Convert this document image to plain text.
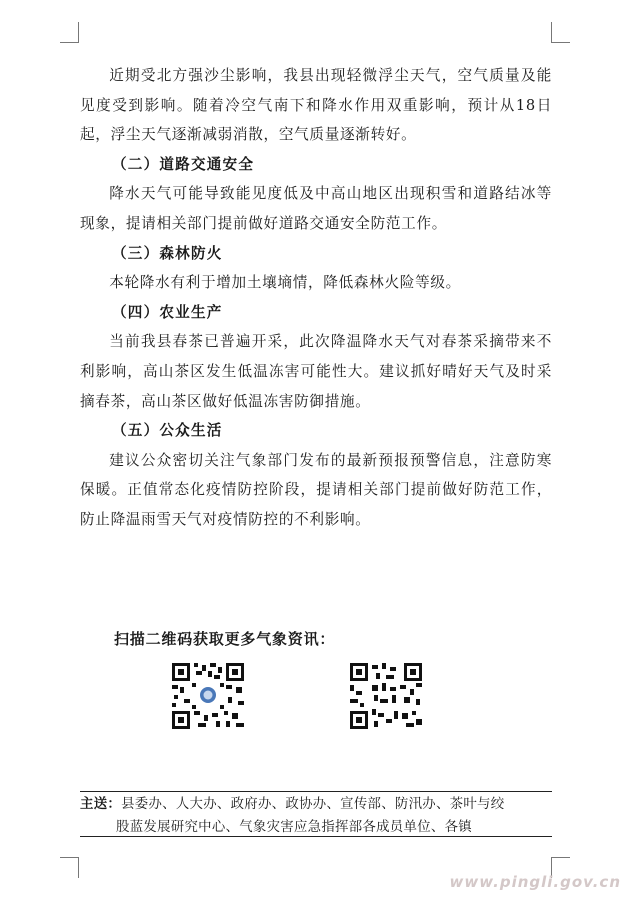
近期受北方强沙尘影响，我县出现轻微浮尘天气，空气质量及能见度受到影响。随着冷空气南下和降水作用双重影响，预计从18日起，浮尘天气逐渐减弱消散，空气质量逐渐转好。

（二）道路交通安全

降水天气可能导致能见度低及中高山地区出现积雪和道路结冰等现象，提请相关部门提前做好道路交通安全防范工作。

（三）森林防火

本轮降水有利于增加土壤墒情，降低森林火险等级。

（四）农业生产

当前我县春茶已普遍开采，此次降温降水天气对春茶采摘带来不利影响，高山茶区发生低温冻害可能性大。建议抓好晴好天气及时采摘春茶，高山茶区做好低温冻害防御措施。

（五）公众生活

建议公众密切关注气象部门发布的最新预报预警信息，注意防寒保暖。正值常态化疫情防控阶段，提请相关部门提前做好防范工作，防止降温雨雪天气对疫情防控的不利影响。

扫描二维码获取更多气象资讯：
主送：县委办、人大办、政府办、政协办、宣传部、防汛办、茶叶与绞
股蓝发展研究中心、气象灾害应急指挥部各成员单位、各镇
www.pingli.gov.cn
